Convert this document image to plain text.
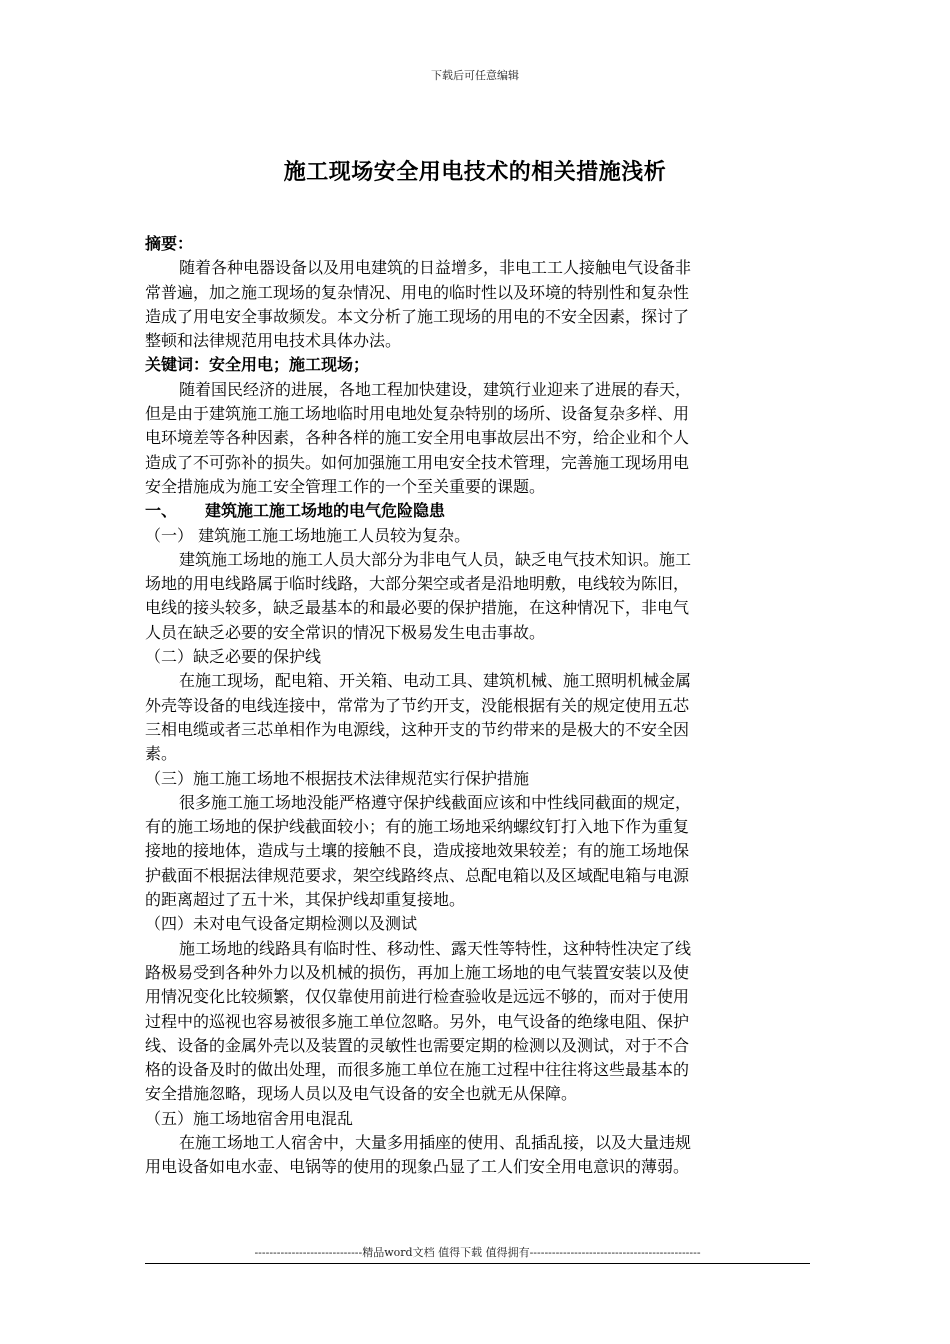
下载后可任意编辑
施工现场安全用电技术的相关措施浅析
摘要：
随着各种电器设备以及用电建筑的日益增多，非电工工人接触电气设备非
常普遍，加之施工现场的复杂情况、用电的临时性以及环境的特别性和复杂性
造成了用电安全事故频发。本文分析了施工现场的用电的不安全因素，探讨了
整顿和法律规范用电技术具体办法。
关键词：安全用电；施工现场；
随着国民经济的进展，各地工程加快建设，建筑行业迎来了进展的春天，
但是由于建筑施工施工场地临时用电地处复杂特别的场所、设备复杂多样、用
电环境差等各种因素，各种各样的施工安全用电事故层出不穷，给企业和个人
造成了不可弥补的损失。如何加强施工用电安全技术管理，完善施工现场用电
安全措施成为施工安全管理工作的一个至关重要的课题。
一、 建筑施工施工场地的电气危险隐患
（一） 建筑施工施工场地施工人员较为复杂。
建筑施工场地的施工人员大部分为非电气人员，缺乏电气技术知识。施工
场地的用电线路属于临时线路，大部分架空或者是沿地明敷，电线较为陈旧，
电线的接头较多，缺乏最基本的和最必要的保护措施，在这种情况下，非电气
人员在缺乏必要的安全常识的情况下极易发生电击事故。
（二）缺乏必要的保护线
在施工现场，配电箱、开关箱、电动工具、建筑机械、施工照明机械金属
外壳等设备的电线连接中，常常为了节约开支，没能根据有关的规定使用五芯
三相电缆或者三芯单相作为电源线，这种开支的节约带来的是极大的不安全因
素。
（三）施工施工场地不根据技术法律规范实行保护措施
很多施工施工场地没能严格遵守保护线截面应该和中性线同截面的规定，
有的施工场地的保护线截面较小；有的施工场地采纳螺纹钉打入地下作为重复
接地的接地体，造成与土壤的接触不良，造成接地效果较差；有的施工场地保
护截面不根据法律规范要求，架空线路终点、总配电箱以及区域配电箱与电源
的距离超过了五十米，其保护线却重复接地。
（四）未对电气设备定期检测以及测试
施工场地的线路具有临时性、移动性、露天性等特性，这种特性决定了线
路极易受到各种外力以及机械的损伤，再加上施工场地的电气装置安装以及使
用情况变化比较频繁，仅仅靠使用前进行检查验收是远远不够的，而对于使用
过程中的巡视也容易被很多施工单位忽略。另外，电气设备的绝缘电阻、保护
线、设备的金属外壳以及装置的灵敏性也需要定期的检测以及测试，对于不合
格的设备及时的做出处理，而很多施工单位在施工过程中往往将这些最基本的
安全措施忽略，现场人员以及电气设备的安全也就无从保障。
（五）施工场地宿舍用电混乱
在施工场地工人宿舍中，大量多用插座的使用、乱插乱接，以及大量违规
用电设备如电水壶、电锅等的使用的现象凸显了工人们安全用电意识的薄弱。
-----------------------------精品word文档 值得下载 值得拥有----------------------------------------------
